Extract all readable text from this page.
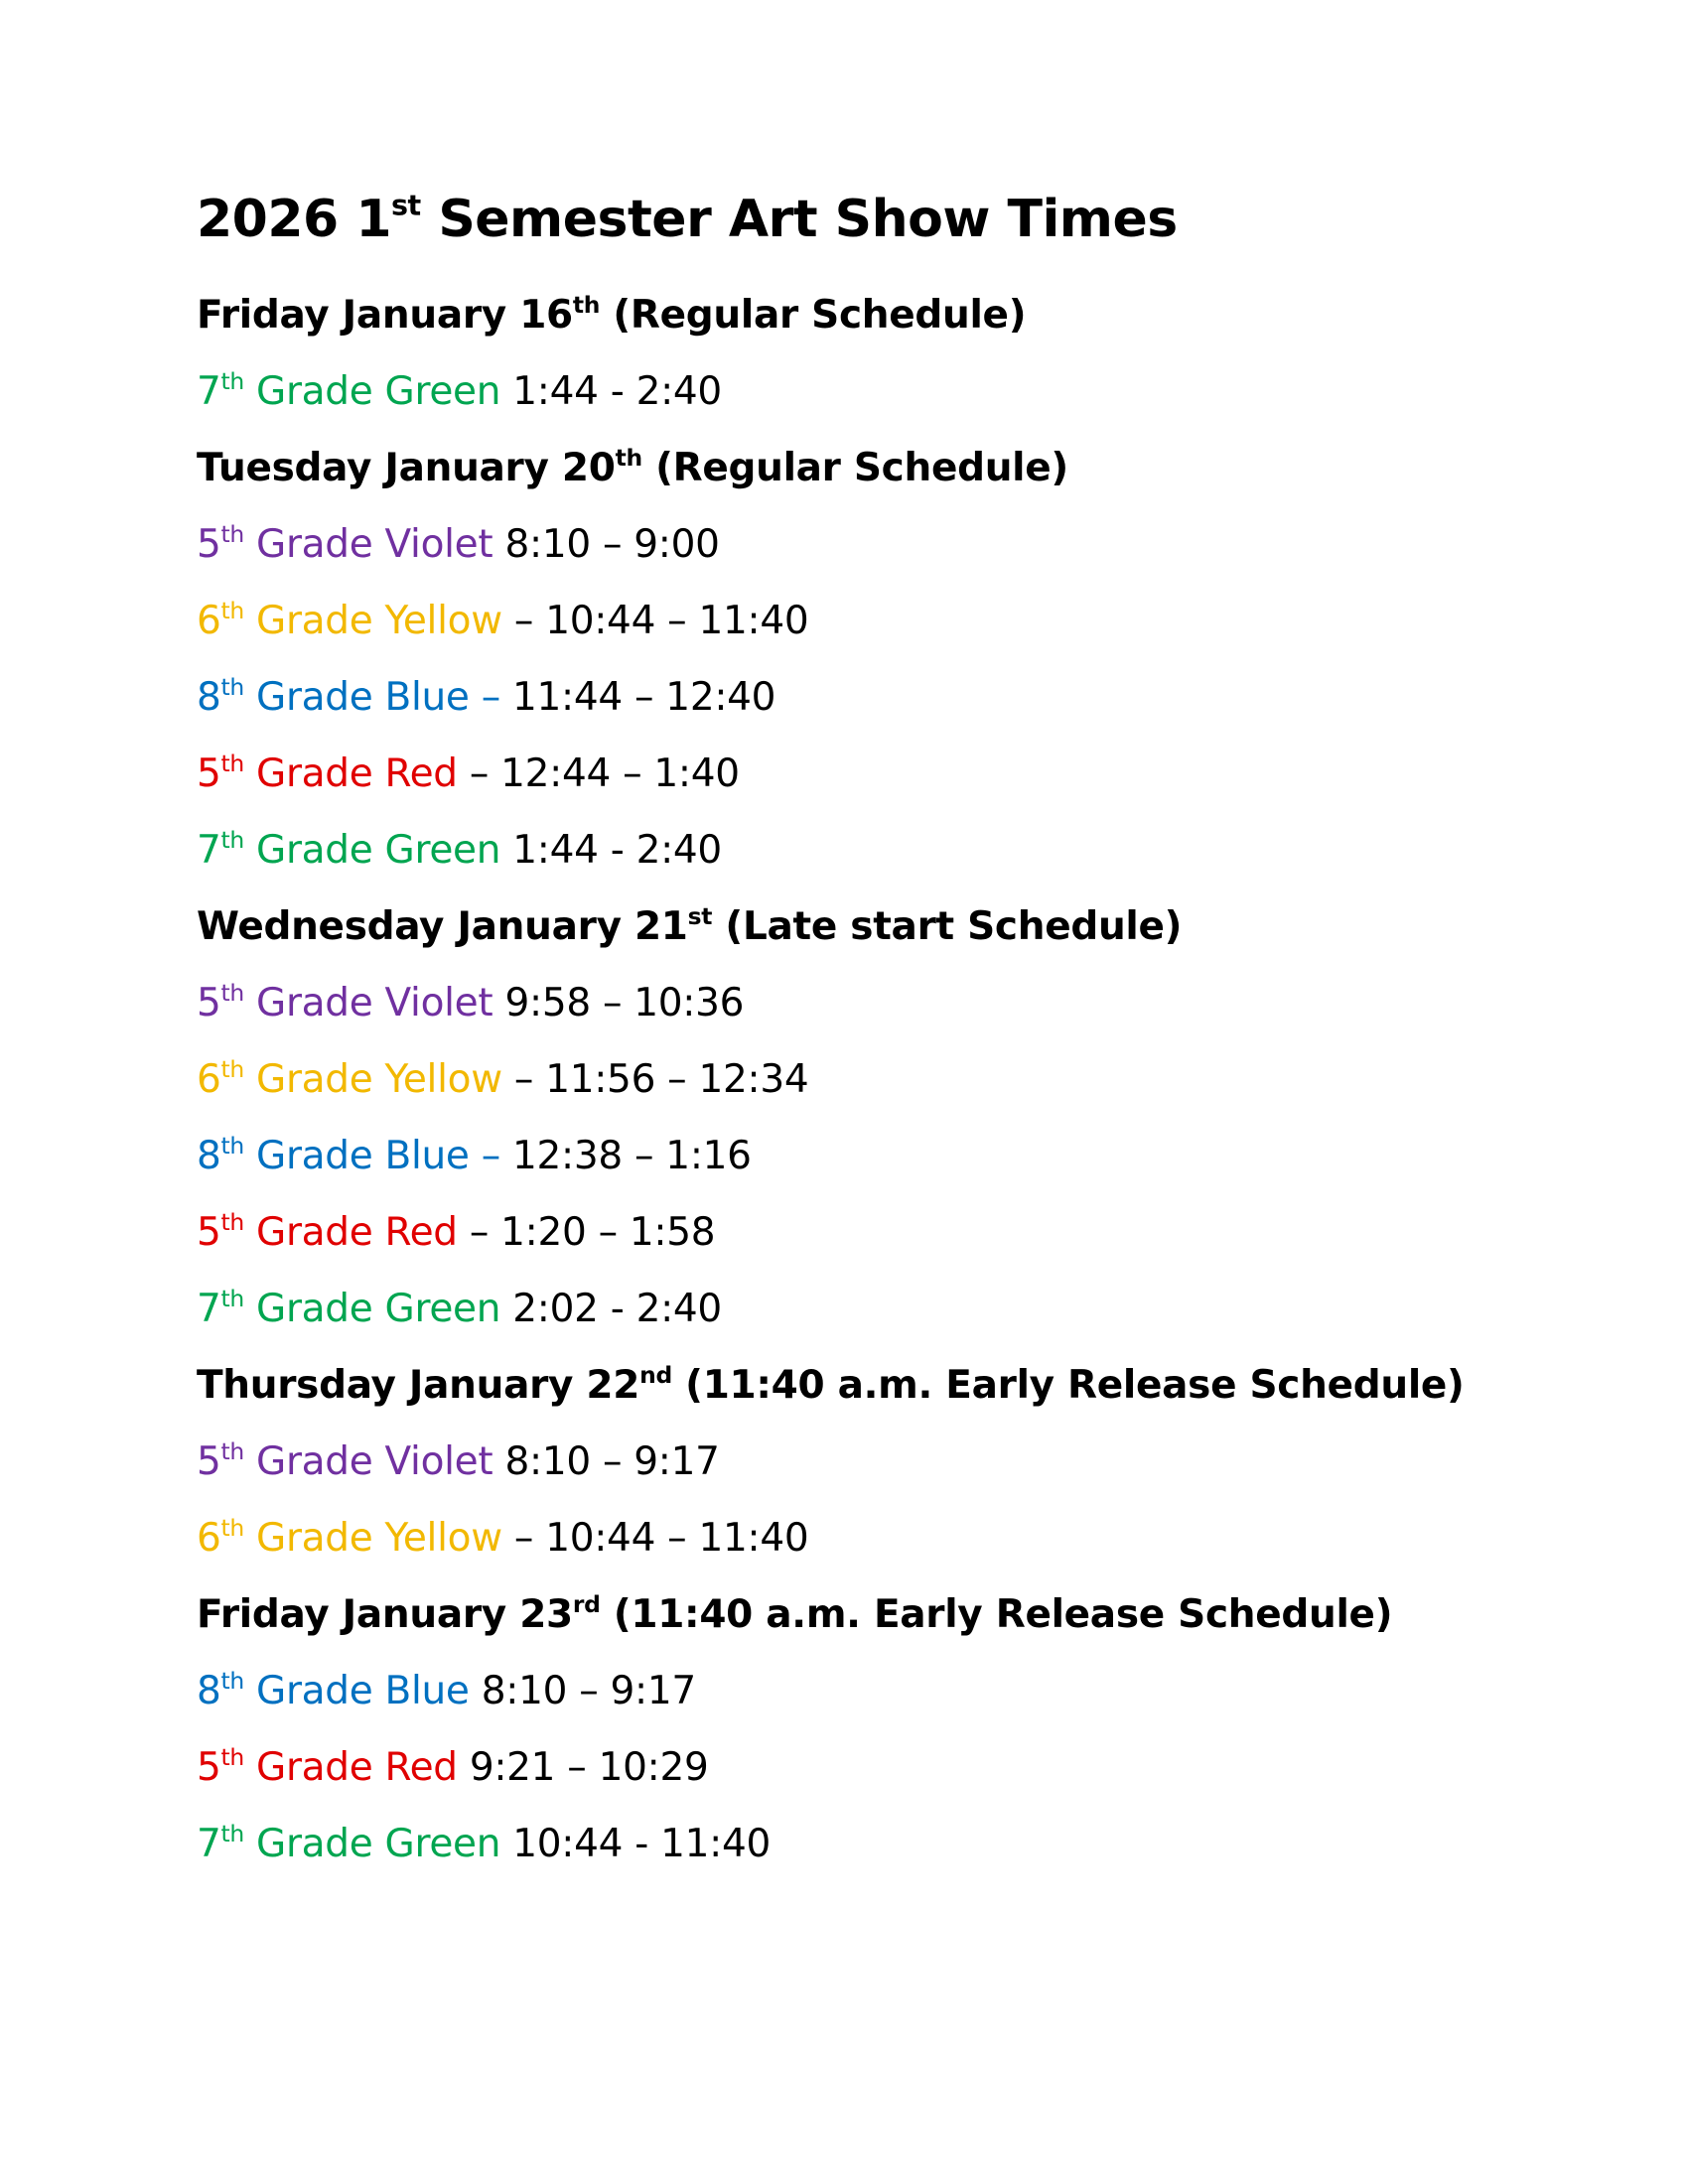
2026 1st Semester Art Show Times
Friday January 16th (Regular Schedule)
7th Grade Green 1:44 - 2:40
Tuesday January 20th (Regular Schedule)
5th Grade Violet 8:10 – 9:00
6th Grade Yellow – 10:44 – 11:40
8th Grade Blue – 11:44 – 12:40
5th Grade Red – 12:44 – 1:40
7th Grade Green 1:44 - 2:40
Wednesday January 21st (Late start Schedule)
5th Grade Violet 9:58 – 10:36
6th Grade Yellow – 11:56 – 12:34
8th Grade Blue – 12:38 – 1:16
5th Grade Red – 1:20 – 1:58
7th Grade Green 2:02 - 2:40
Thursday January 22nd (11:40 a.m. Early Release Schedule)
5th Grade Violet 8:10 – 9:17
6th Grade Yellow – 10:44 – 11:40
Friday January 23rd (11:40 a.m. Early Release Schedule)
8th Grade Blue 8:10 – 9:17
5th Grade Red 9:21 – 10:29
7th Grade Green 10:44 - 11:40
